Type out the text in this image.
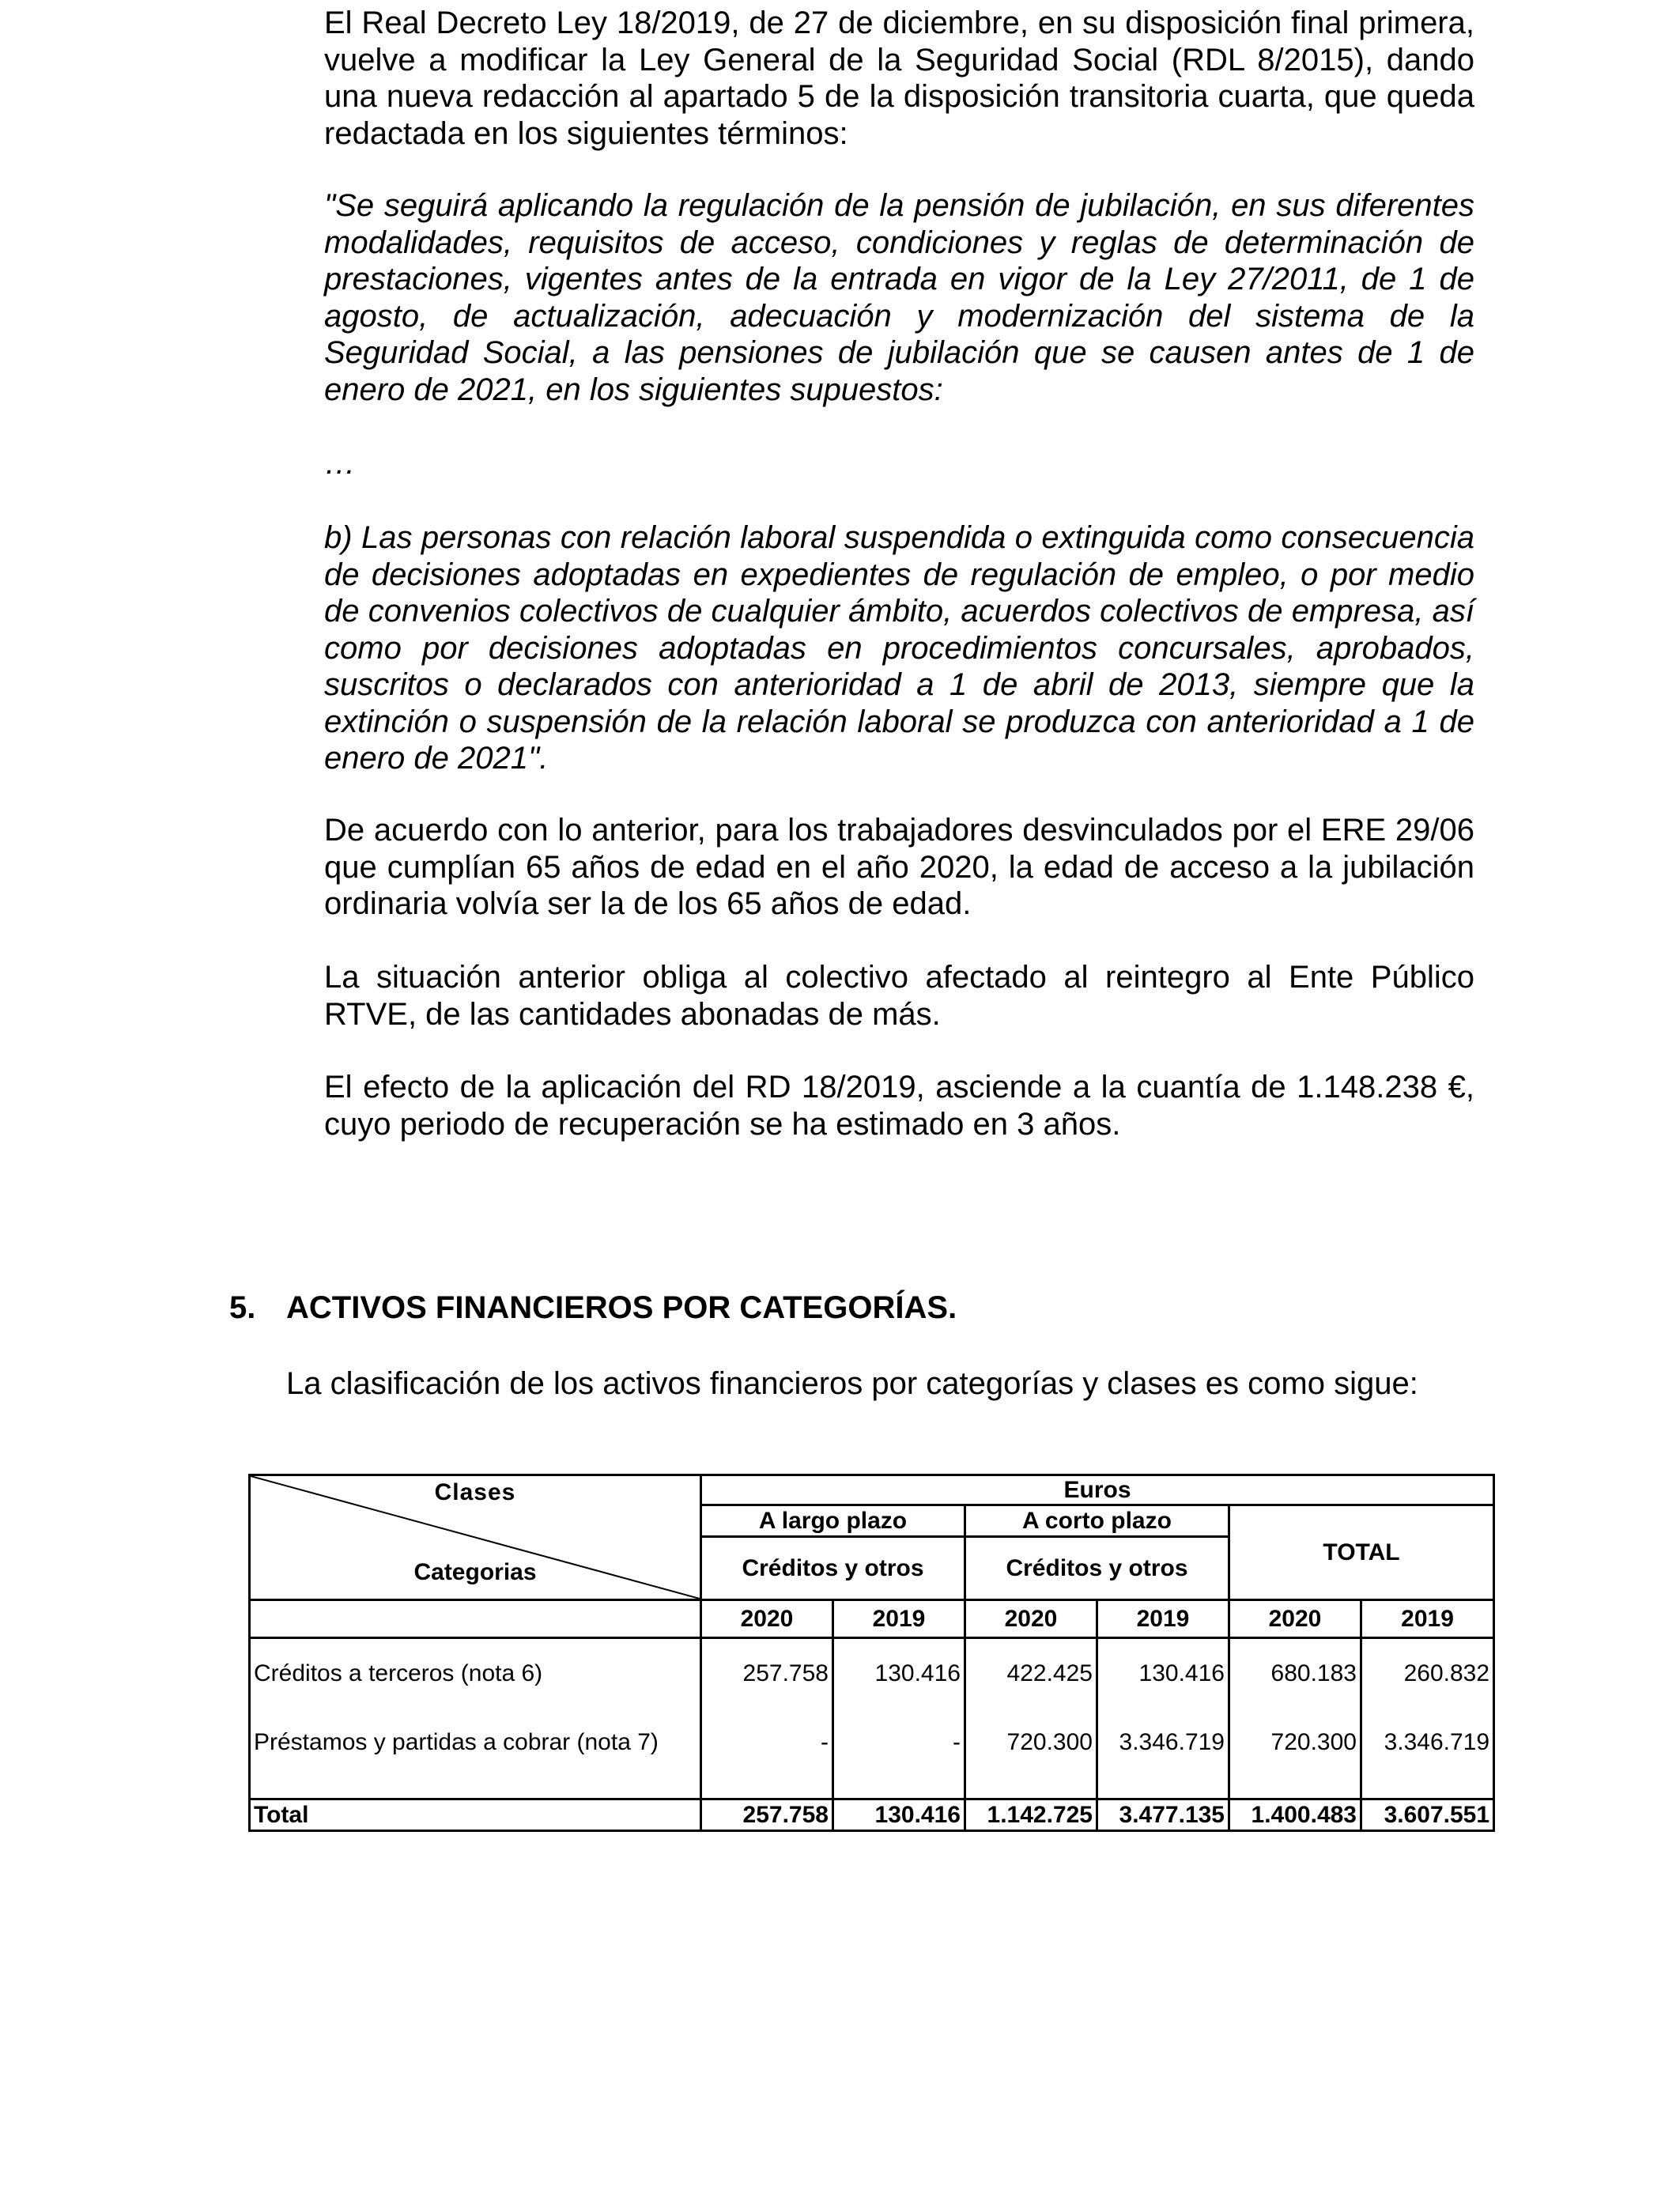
El Real Decreto Ley 18/2019, de 27 de diciembre, en su disposición final primera, vuelve a modificar la Ley General de la Seguridad Social (RDL 8/2015), dando una nueva redacción al apartado 5 de la disposición transitoria cuarta, que queda redactada en los siguientes términos:
"Se seguirá aplicando la regulación de la pensión de jubilación, en sus diferentes modalidades, requisitos de acceso, condiciones y reglas de determinación de prestaciones, vigentes antes de la entrada en vigor de la Ley 27/2011, de 1 de agosto, de actualización, adecuación y modernización del sistema de la Seguridad Social, a las pensiones de jubilación que se causen antes de 1 de enero de 2021, en los siguientes supuestos:
…
b) Las personas con relación laboral suspendida o extinguida como consecuencia de decisiones adoptadas en expedientes de regulación de empleo, o por medio de convenios colectivos de cualquier ámbito, acuerdos colectivos de empresa, así como por decisiones adoptadas en procedimientos concursales, aprobados, suscritos o declarados con anterioridad a 1 de abril de 2013, siempre que la extinción o suspensión de la relación laboral se produzca con anterioridad a 1 de enero de 2021".
De acuerdo con lo anterior, para los trabajadores desvinculados por el ERE 29/06 que cumplían 65 años de edad en el año 2020, la edad de acceso a la jubilación ordinaria volvía ser la de los 65 años de edad.
La situación anterior obliga al colectivo afectado al reintegro al Ente Público RTVE, de las cantidades abonadas de más.
El efecto de la aplicación del RD 18/2019, asciende a la cuantía de 1.148.238 €, cuyo periodo de recuperación se ha estimado en 3 años.
5. ACTIVOS FINANCIEROS POR CATEGORÍAS.
La clasificación de los activos financieros por categorías y clases es como sigue:
Clases
Categorias	Euros					
	A largo plazo		A corto plazo		TOTAL	
	Créditos y otros		Créditos y otros			
	2020	2019	2020	2019	2020	2019
Créditos a terceros (nota 6)	257.758	130.416	422.425	130.416	680.183	260.832
Préstamos y partidas a cobrar (nota 7)	-	-	720.300	3.346.719	720.300	3.346.719

Total	257.758	130.416	1.142.725	3.477.135	1.400.483	3.607.551
